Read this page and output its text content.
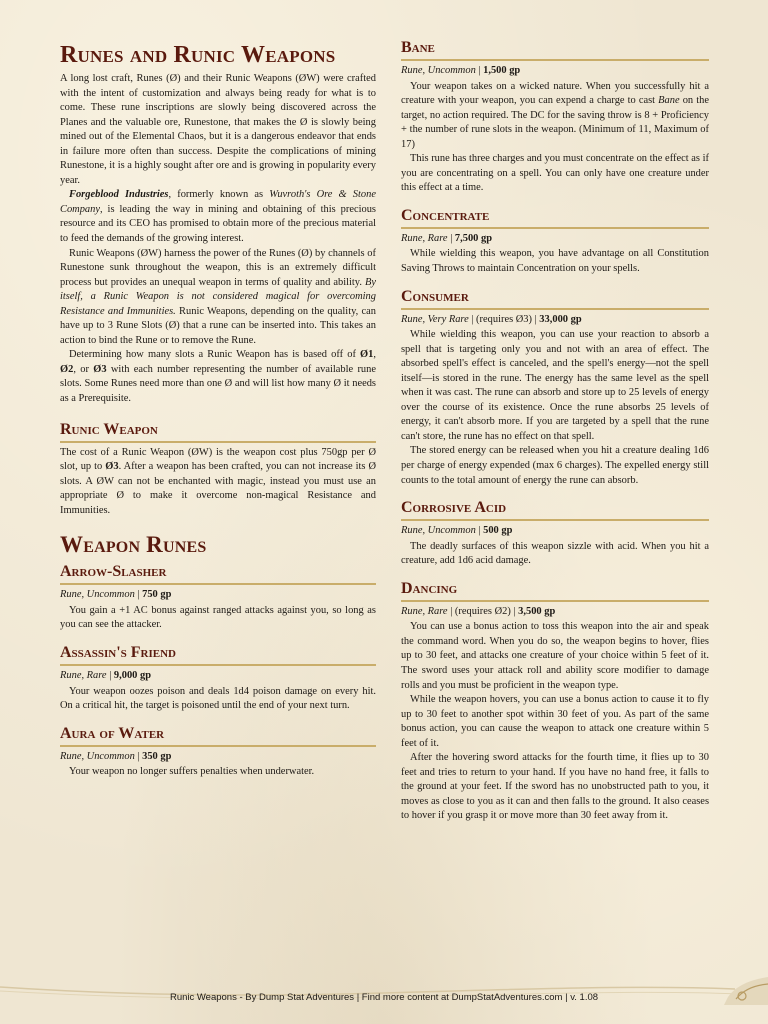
Runes and Runic Weapons

A long lost craft, Runes (Ø) and their Runic Weapons (ØW) were crafted with the intent of customization and always being ready for what is to come. These rune inscriptions are slowly being discovered across the Planes and the valuable ore, Runestone, that makes the Ø is slowly being mined out of the Elemental Chaos, but it is a dangerous endeavor that ends in failure more often than success. Despite the complications of mining Runestone, it is a highly sought after ore and is growing in popularity every year.

Forgeblood Industries, formerly known as Wuvroth's Ore & Stone Company, is leading the way in mining and obtaining of this precious resource and its CEO has promised to obtain more of the precious material to feed the demands of the growing interest.

Runic Weapons (ØW) harness the power of the Runes (Ø) by channels of Runestone sunk throughout the weapon, this is an extremely difficult process but provides an unequal weapon in terms of quality and ability. By itself, a Runic Weapon is not considered magical for overcoming Resistance and Immunities. Runic Weapons, depending on the quality, can have up to 3 Rune Slots (Ø) that a rune can be inserted into. This takes an action to bind the Rune or to remove the Rune.

Determining how many slots a Runic Weapon has is based off of Ø1, Ø2, or Ø3 with each number representing the number of available rune slots. Some Runes need more than one Ø and will list how many Ø it needs as a Prerequisite.

Runic Weapon

The cost of a Runic Weapon (ØW) is the weapon cost plus 750gp per Ø slot, up to Ø3. After a weapon has been crafted, you can not increase its Ø slots. A ØW can not be enchanted with magic, instead you must use an appropriate Ø to make it overcome non-magical Resistance and Immunities.

Weapon Runes
Arrow-Slasher
Rune, Uncommon | 750 gp

You gain a +1 AC bonus against ranged attacks against you, so long as you can see the attacker.

Assassin's Friend
Rune, Rare | 9,000 gp

Your weapon oozes poison and deals 1d4 poison damage on every hit. On a critical hit, the target is poisoned until the end of your next turn.

Aura of Water
Rune, Uncommon | 350 gp

Your weapon no longer suffers penalties when underwater.

Bane
Rune, Uncommon | 1,500 gp

Your weapon takes on a wicked nature. When you successfully hit a creature with your weapon, you can expend a charge to cast Bane on the target, no action required. The DC for the saving throw is 8 + Proficiency + the number of rune slots in the weapon. (Minimum of 11, Maximum of 17)

This rune has three charges and you must concentrate on the effect as if you are concentrating on a spell. You can only have one creature under this effect at a time.

Concentrate
Rune, Rare | 7,500 gp

While wielding this weapon, you have advantage on all Constitution Saving Throws to maintain Concentration on your spells.

Consumer
Rune, Very Rare | (requires Ø3) | 33,000 gp

While wielding this weapon, you can use your reaction to absorb a spell that is targeting only you and not with an area of effect. The absorbed spell's effect is canceled, and the spell's energy—not the spell itself—is stored in the rune. The energy has the same level as the spell when it was cast. The rune can absorb and store up to 25 levels of energy over the course of its existence. Once the rune absorbs 25 levels of energy, it can't absorb more. If you are targeted by a spell that the rune can't store, the rune has no effect on that spell.

The stored energy can be released when you hit a creature dealing 1d6 per charge of energy expended (max 6 charges). The expelled energy still counts to the total amount of energy the rune can absorb.

Corrosive Acid
Rune, Uncommon | 500 gp

The deadly surfaces of this weapon sizzle with acid. When you hit a creature, add 1d6 acid damage.

Dancing
Rune, Rare | (requires Ø2) | 3,500 gp

You can use a bonus action to toss this weapon into the air and speak the command word. When you do so, the weapon begins to hover, flies up to 30 feet, and attacks one creature of your choice within 5 feet of it. The sword uses your attack roll and ability score modifier to damage rolls and you must be proficient in the weapon type.

While the weapon hovers, you can use a bonus action to cause it to fly up to 30 feet to another spot within 30 feet of you. As part of the same bonus action, you can cause the weapon to attack one creature within 5 feet of it.

After the hovering sword attacks for the fourth time, it flies up to 30 feet and tries to return to your hand. If you have no hand free, it falls to the ground at your feet. If the sword has no unobstructed path to you, it moves as close to you as it can and then falls to the ground. It also ceases to hover if you grasp it or move more than 30 feet away from it.

Runic Weapons - By Dump Stat Adventures | Find more content at DumpStatAdventures.com | v. 1.08
